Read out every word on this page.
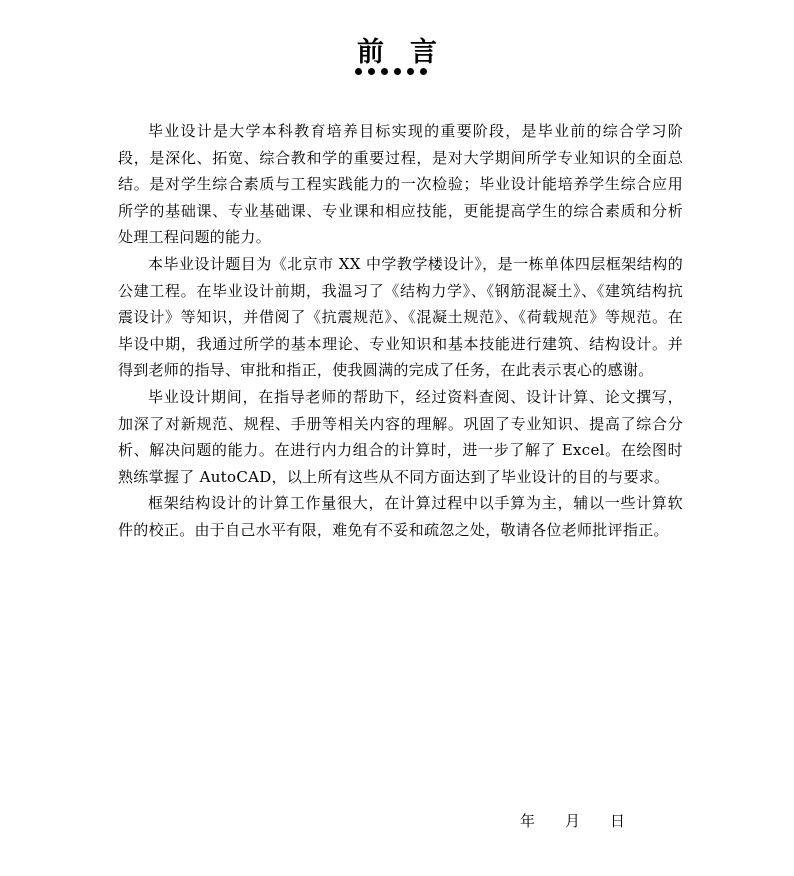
前言

毕业设计是大学本科教育培养目标实现的重要阶段，是毕业前的综合学习阶段，是深化、拓宽、综合教和学的重要过程，是对大学期间所学专业知识的全面总结。是对学生综合素质与工程实践能力的一次检验；毕业设计能培养学生综合应用所学的基础课、专业基础课、专业课和相应技能，更能提高学生的综合素质和分析处理工程问题的能力。

本毕业设计题目为《北京市 XX 中学教学楼设计》，是一栋单体四层框架结构的公建工程。在毕业设计前期，我温习了《结构力学》、《钢筋混凝土》、《建筑结构抗震设计》等知识，并借阅了《抗震规范》、《混凝土规范》、《荷载规范》等规范。在毕设中期，我通过所学的基本理论、专业知识和基本技能进行建筑、结构设计。并得到老师的指导、审批和指正，使我圆满的完成了任务，在此表示衷心的感谢。

毕业设计期间，在指导老师的帮助下，经过资料查阅、设计计算、论文撰写，加深了对新规范、规程、手册等相关内容的理解。巩固了专业知识、提高了综合分析、解决问题的能力。在进行内力组合的计算时，进一步了解了 Excel。在绘图时熟练掌握了 AutoCAD，以上所有这些从不同方面达到了毕业设计的目的与要求。

框架结构设计的计算工作量很大，在计算过程中以手算为主，辅以一些计算软件的校正。由于自己水平有限，难免有不妥和疏忽之处，敬请各位老师批评指正。

年 月 日
